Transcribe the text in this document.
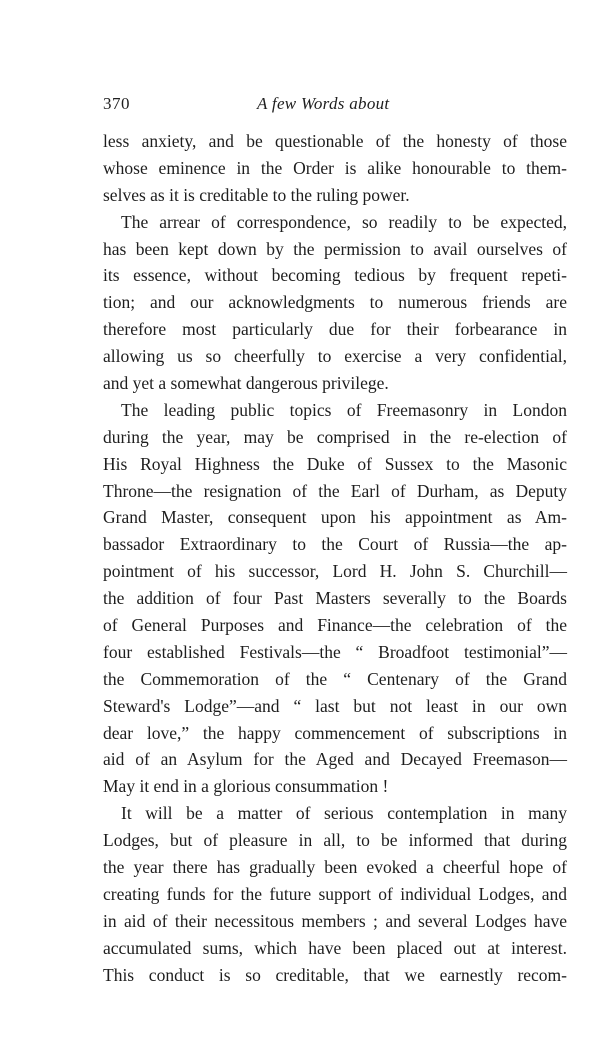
370	A few Words about
less anxiety, and be questionable of the honesty of those
whose eminence in the Order is alike honourable to them-
selves as it is creditable to the ruling power.
The arrear of correspondence, so readily to be expected,
has been kept down by the permission to avail ourselves of
its essence, without becoming tedious by frequent repeti-
tion; and our acknowledgments to numerous friends are
therefore most particularly due for their forbearance in
allowing us so cheerfully to exercise a very confidential,
and yet a somewhat dangerous privilege.
The leading public topics of Freemasonry in London
during the year, may be comprised in the re-election of
His Royal Highness the Duke of Sussex to the Masonic
Throne—the resignation of the Earl of Durham, as Deputy
Grand Master, consequent upon his appointment as Am-
bassador Extraordinary to the Court of Russia—the ap-
pointment of his successor, Lord H. John S. Churchill—
the addition of four Past Masters severally to the Boards
of General Purposes and Finance—the celebration of the
four established Festivals—the “ Broadfoot testimonial”—
the Commemoration of the “ Centenary of the Grand
Steward's Lodge”—and “ last but not least in our own
dear love,” the happy commencement of subscriptions in
aid of an Asylum for the Aged and Decayed Freemason—
May it end in a glorious consummation !
It will be a matter of serious contemplation in many
Lodges, but of pleasure in all, to be informed that during
the year there has gradually been evoked a cheerful hope of
creating funds for the future support of individual Lodges, and
in aid of their necessitous members ; and several Lodges have
accumulated sums, which have been placed out at interest.
This conduct is so creditable, that we earnestly recom-
